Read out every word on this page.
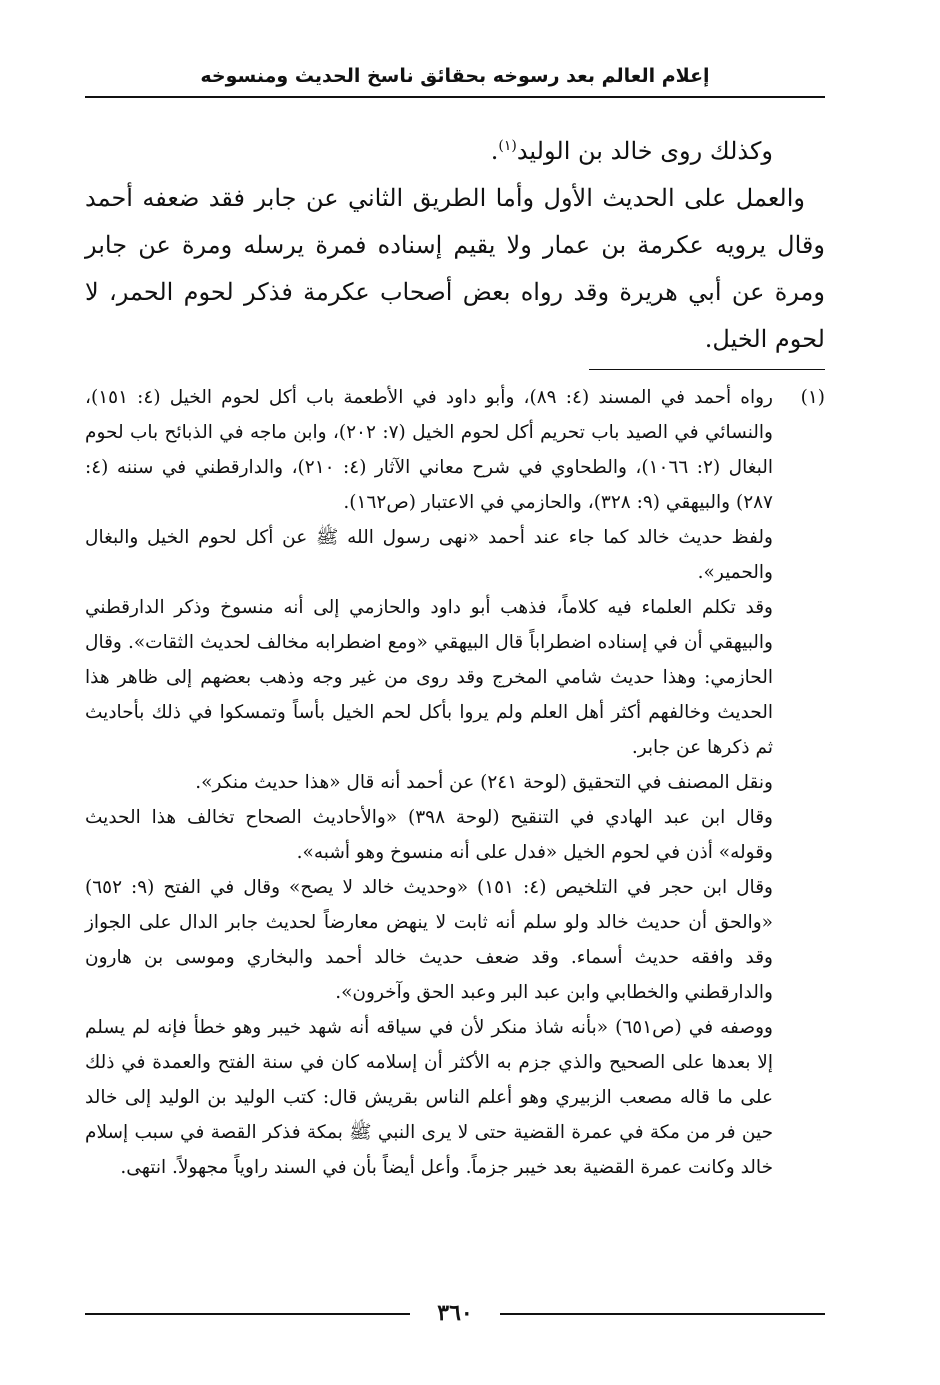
إعلام العالم بعد رسوخه بحقائق ناسخ الحديث ومنسوخه

وكذلك روى خالد بن الوليد$^{(١)}$.

والعمل على الحديث الأول وأما الطريق الثاني عن جابر فقد ضعفه أحمد وقال يرويه عكرمة بن عمار ولا يقيم إسناده فمرة يرسله ومرة عن جابر ومرة عن أبي هريرة وقد رواه بعض أصحاب عكرمة فذكر لحوم الحمر، لا لحوم الخيل.

(١)

رواه أحمد في المسند (٤: ٨٩)، وأبو داود في الأطعمة باب أكل لحوم الخيل (٤: ١٥١)، والنسائي في الصيد باب تحريم أكل لحوم الخيل (٧: ٢٠٢)، وابن ماجه في الذبائح باب لحوم البغال (٢: ١٠٦٦)، والطحاوي في شرح معاني الآثار (٤: ٢١٠)، والدارقطني في سننه (٤: ٢٨٧) والبيهقي (٩: ٣٢٨)، والحازمي في الاعتبار (ص١٦٢).

ولفظ حديث خالد كما جاء عند أحمد «نهى رسول الله ﷺ عن أكل لحوم الخيل والبغال والحمير».

وقد تكلم العلماء فيه كلاماً، فذهب أبو داود والحازمي إلى أنه منسوخ وذكر الدارقطني والبيهقي أن في إسناده اضطراباً قال البيهقي «ومع اضطرابه مخالف لحديث الثقات». وقال الحازمي: وهذا حديث شامي المخرج وقد روى من غير وجه وذهب بعضهم إلى ظاهر هذا الحديث وخالفهم أكثر أهل العلم ولم يروا بأكل لحم الخيل بأساً وتمسكوا في ذلك بأحاديث ثم ذكرها عن جابر.

ونقل المصنف في التحقيق (لوحة ٢٤١) عن أحمد أنه قال «هذا حديث منكر».

وقال ابن عبد الهادي في التنقيح (لوحة ٣٩٨) «والأحاديث الصحاح تخالف هذا الحديث وقوله» أذن في لحوم الخيل «فدل على أنه منسوخ وهو أشبه».

وقال ابن حجر في التلخيص (٤: ١٥١) «وحديث خالد لا يصح» وقال في الفتح (٩: ٦٥٢) «والحق أن حديث خالد ولو سلم أنه ثابت لا ينهض معارضاً لحديث جابر الدال على الجواز وقد وافقه حديث أسماء. وقد ضعف حديث خالد أحمد والبخاري وموسى بن هارون والدارقطني والخطابي وابن عبد البر وعبد الحق وآخرون».

ووصفه في (ص٦٥١) «بأنه شاذ منكر لأن في سياقه أنه شهد خيبر وهو خطأ فإنه لم يسلم إلا بعدها على الصحيح والذي جزم به الأكثر أن إسلامه كان في سنة الفتح والعمدة في ذلك على ما قاله مصعب الزبيري وهو أعلم الناس بقريش قال: كتب الوليد بن الوليد إلى خالد حين فر من مكة في عمرة القضية حتى لا يرى النبي ﷺ بمكة فذكر القصة في سبب إسلام خالد وكانت عمرة القضية بعد خيبر جزماً. وأعل أيضاً بأن في السند راوياً مجهولاً. انتهى.

٣٦٠
